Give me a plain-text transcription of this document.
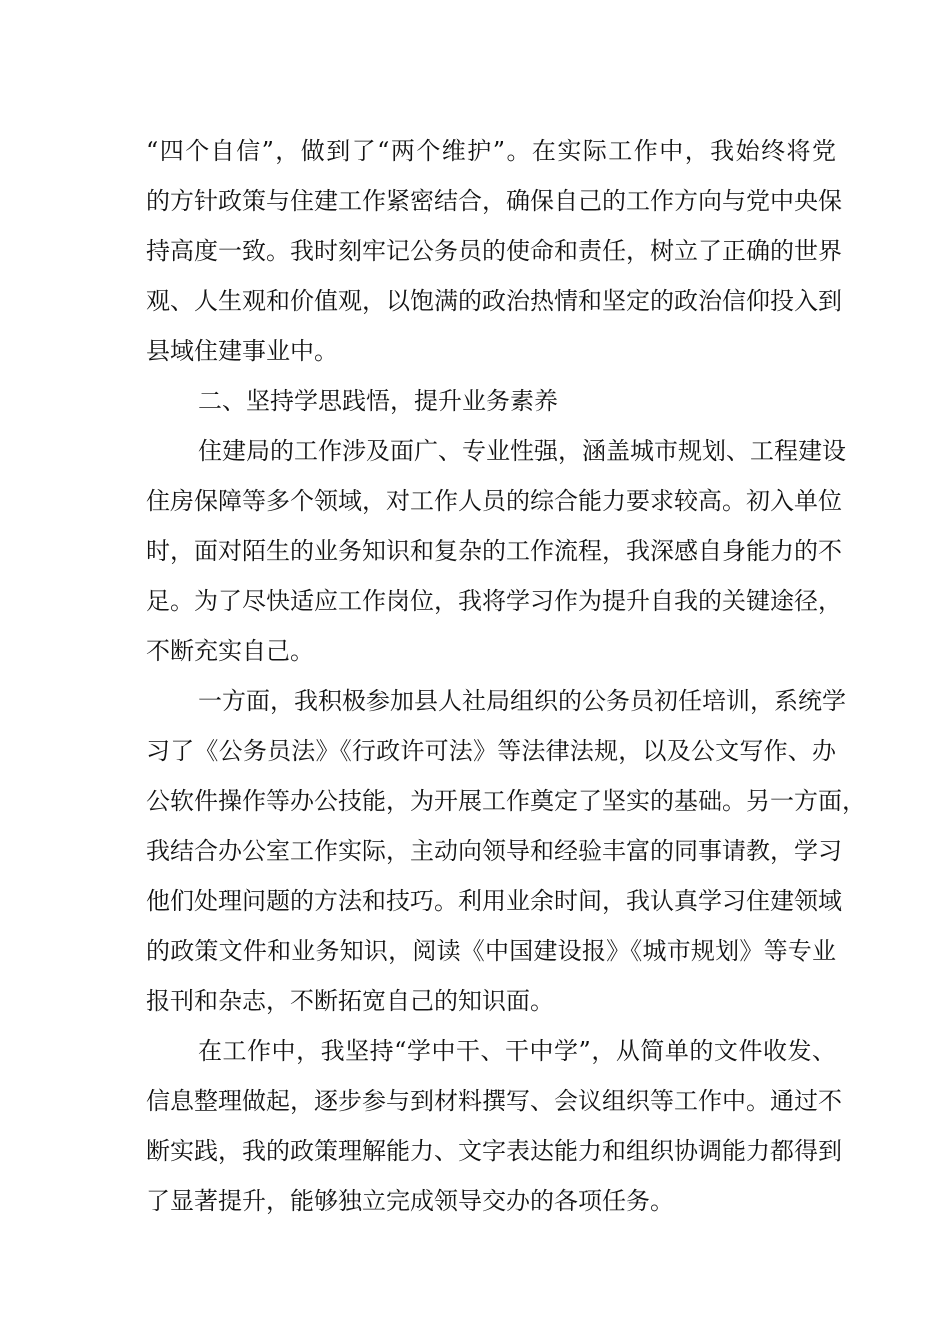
“四个自信”，做到了“两个维护”。在实际工作中，我始终将党
的方针政策与住建工作紧密结合，确保自己的工作方向与党中央保
持高度一致。我时刻牢记公务员的使命和责任，树立了正确的世界
观、人生观和价值观，以饱满的政治热情和坚定的政治信仰投入到
县域住建事业中。
二、坚持学思践悟，提升业务素养
住建局的工作涉及面广、专业性强，涵盖城市规划、工程建设
住房保障等多个领域，对工作人员的综合能力要求较高。初入单位
时，面对陌生的业务知识和复杂的工作流程，我深感自身能力的不
足。为了尽快适应工作岗位，我将学习作为提升自我的关键途径，
不断充实自己。
一方面，我积极参加县人社局组织的公务员初任培训，系统学
习了《公务员法》《行政许可法》等法律法规，以及公文写作、办
公软件操作等办公技能，为开展工作奠定了坚实的基础。另一方面，
我结合办公室工作实际，主动向领导和经验丰富的同事请教，学习
他们处理问题的方法和技巧。利用业余时间，我认真学习住建领域
的政策文件和业务知识，阅读《中国建设报》《城市规划》等专业
报刊和杂志，不断拓宽自己的知识面。
在工作中，我坚持“学中干、干中学”，从简单的文件收发、
信息整理做起，逐步参与到材料撰写、会议组织等工作中。通过不
断实践，我的政策理解能力、文字表达能力和组织协调能力都得到
了显著提升，能够独立完成领导交办的各项任务。
